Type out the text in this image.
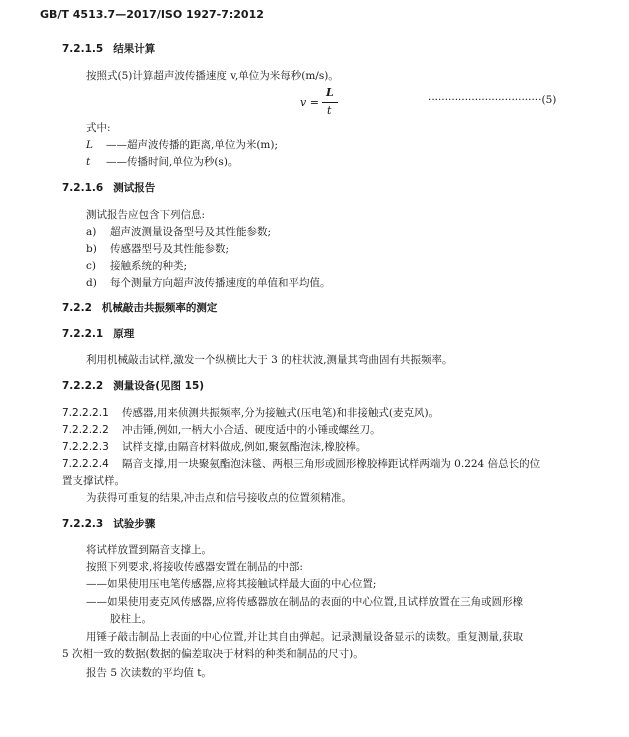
GB/T 4513.7—2017/ISO 1927-7:2012
7.2.1.5 结果计算
按照式(5)计算超声波传播速度 v,单位为米每秒(m/s)。
v =
L
t
··································(5)
式中:
L ——超声波传播的距离,单位为米(m);
t ——传播时间,单位为秒(s)。
7.2.1.6 测试报告
测试报告应包含下列信息:
a) 超声波测量设备型号及其性能参数;
b) 传感器型号及其性能参数;
c) 接触系统的种类;
d) 每个测量方向超声波传播速度的单值和平均值。
7.2.2 机械敲击共振频率的测定
7.2.2.1 原理
利用机械敲击试样,激发一个纵横比大于 3 的柱状波,测量其弯曲固有共振频率。
7.2.2.2 测量设备(见图 15)
7.2.2.2.1 传感器,用来侦测共振频率,分为接触式(压电笔)和非接触式(麦克风)。
7.2.2.2.2 冲击锤,例如,一柄大小合适、硬度适中的小锤或螺丝刀。
7.2.2.2.3 试样支撑,由隔音材料做成,例如,聚氨酯泡沫,橡胶棒。
7.2.2.2.4 隔音支撑,用一块聚氨酯泡沫毯、两根三角形或圆形橡胶棒距试样两端为 0.224 倍总长的位
置支撑试样。
为获得可重复的结果,冲击点和信号接收点的位置须精准。
7.2.2.3 试验步骤
将试样放置到隔音支撑上。
按照下列要求,将接收传感器安置在制品的中部:
——如果使用压电笔传感器,应将其接触试样最大面的中心位置;
——如果使用麦克风传感器,应将传感器放在制品的表面的中心位置,且试样放置在三角或圆形橡
胶柱上。
用锤子敲击制品上表面的中心位置,并让其自由弹起。记录测量设备显示的读数。重复测量,获取
5 次相一致的数据(数据的偏差取决于材料的种类和制品的尺寸)。
报告 5 次读数的平均值 t。
